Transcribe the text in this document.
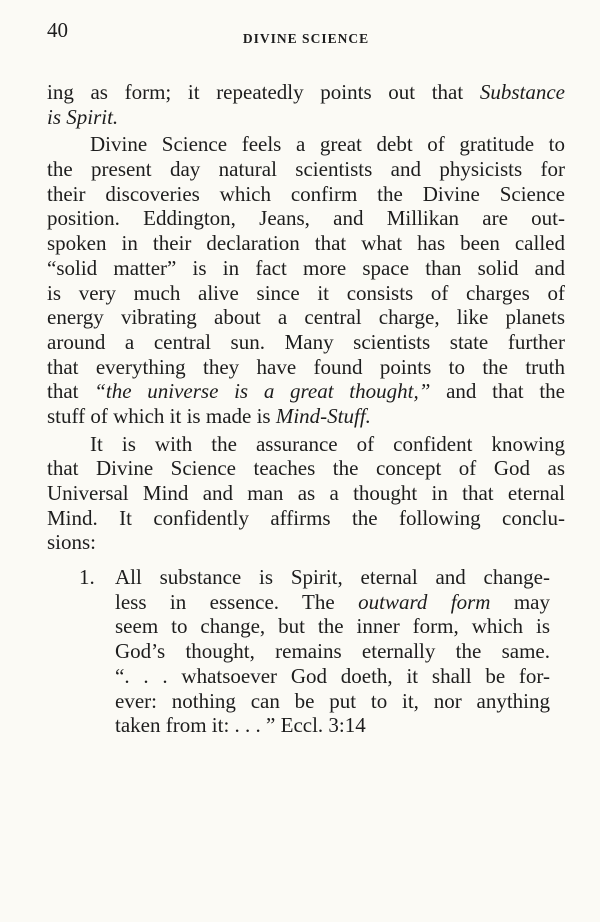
40	DIVINE SCIENCE
ing as form; it repeatedly points out that Substance
is Spirit.
Divine Science feels a great debt of gratitude to
the present day natural scientists and physicists for
their discoveries which confirm the Divine Science
position. Eddington, Jeans, and Millikan are out-
spoken in their declaration that what has been called
“solid matter” is in fact more space than solid and
is very much alive since it consists of charges of
energy vibrating about a central charge, like planets
around a central sun. Many scientists state further
that everything they have found points to the truth
that “the universe is a great thought,” and that the
stuff of which it is made is Mind-Stuff.
It is with the assurance of confident knowing
that Divine Science teaches the concept of God as
Universal Mind and man as a thought in that eternal
Mind. It confidently affirms the following conclu-
sions:
All substance is Spirit, eternal and change-
1.
less in essence. The outward form may
seem to change, but the inner form, which is
God’s thought, remains eternally the same.
“. . . whatsoever God doeth, it shall be for-
ever: nothing can be put to it, nor anything
taken from it: . . . ” Eccl. 3:14
